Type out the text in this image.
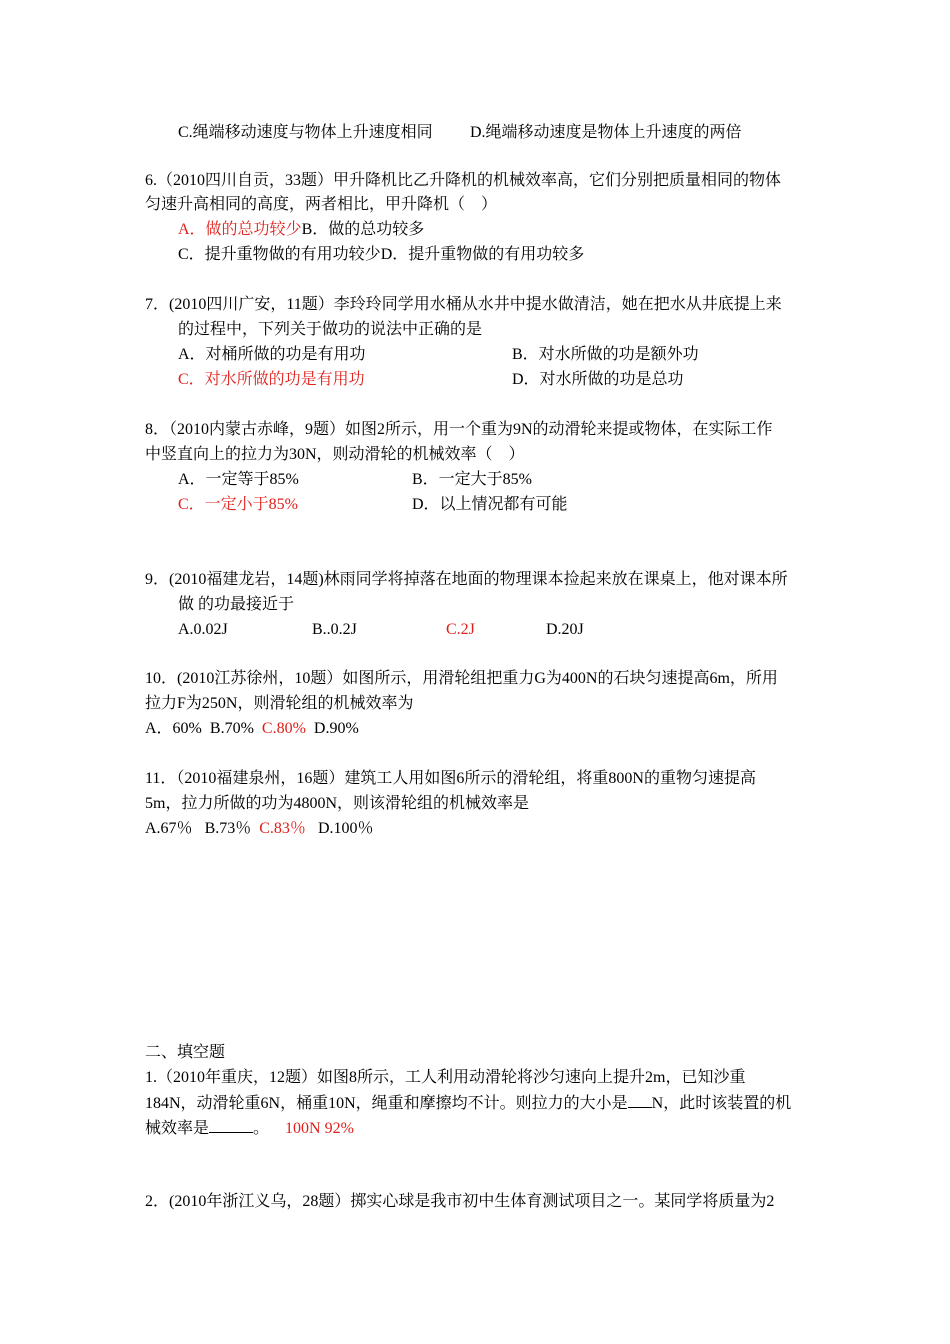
C.绳端移动速度与物体上升速度相同 D.绳端移动速度是物体上升速度的两倍
6.（2010四川自贡，33题）甲升降机比乙升降机的机械效率高，它们分别把质量相同的物体
匀速升高相同的高度，两者相比，甲升降机（　）
A．做的总功较少B．做的总功较多
C．提升重物做的有用功较少D．提升重物做的有用功较多
7．(2010四川广安，11题）李玲玲同学用水桶从水井中提水做清洁，她在把水从井底提上来
的过程中，下列关于做功的说法中正确的是
A．对桶所做的功是有用功	B．对水所做的功是额外功
C．对水所做的功是有用功	D．对水所做的功是总功
8．（2010内蒙古赤峰，9题）如图2所示，用一个重为9N的动滑轮来提或物体，在实际工作
中竖直向上的拉力为30N，则动滑轮的机械效率（　）
A．一定等于85%	B．一定大于85%
C．一定小于85%	D．以上情况都有可能
9．(2010福建龙岩，14题)林雨同学将掉落在地面的物理课本捡起来放在课桌上，他对课本所
做 的功最接近于
A.0.02J	B..0.2J	C.2J	D.20J
10．(2010江苏徐州，10题）如图所示，用滑轮组把重力G为400N的石块匀速提高6m，所用
拉力F为250N，则滑轮组的机械效率为
A．60% B.70% C.80% D.90%
11．（2010福建泉州，16题）建筑工人用如图6所示的滑轮组，将重800N的重物匀速提高
5m，拉力所做的功为4800N，则该滑轮组的机械效率是
A.67％ B.73％ C.83％ D.100％
二、填空题
1.（2010年重庆，12题）如图8所示，工人利用动滑轮将沙匀速向上提升2m，已知沙重
184N，动滑轮重6N，桶重10N，绳重和摩擦均不计。则拉力的大小是 N，此时该装置的机
械效率是	。 100N 92%
2．(2010年浙江义乌，28题）掷实心球是我市初中生体育测试项目之一。某同学将质量为2
